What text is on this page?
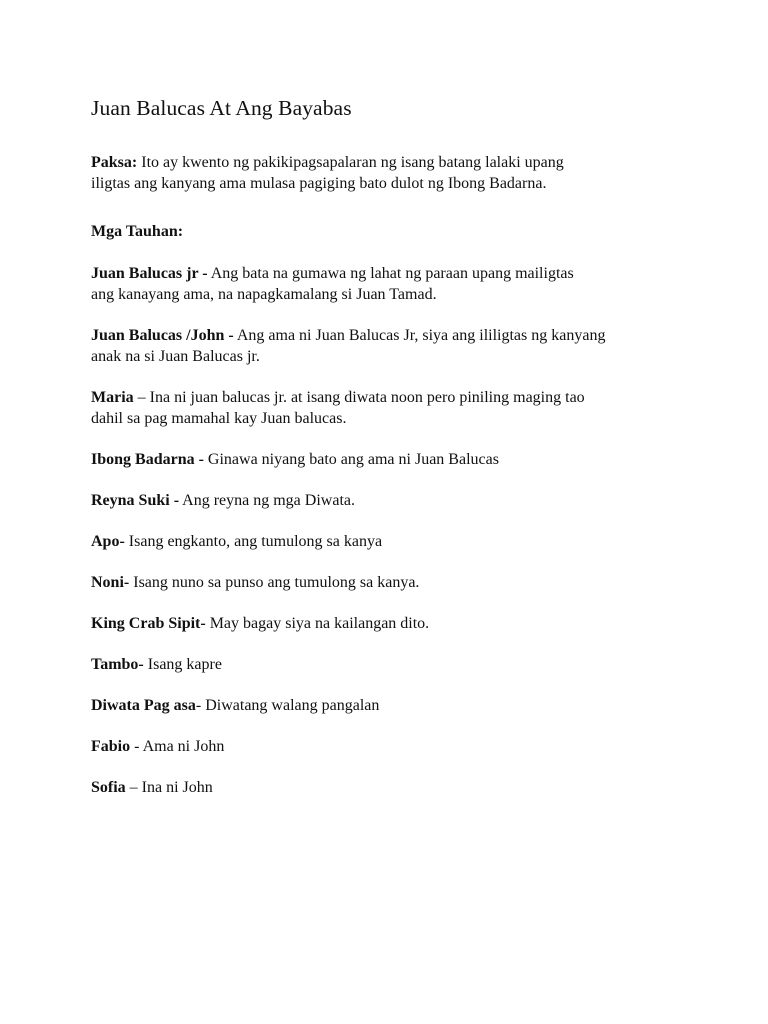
Juan Balucas At Ang Bayabas

Paksa: Ito ay kwento ng pakikipagsapalaran ng isang batang lalaki upang
iligtas ang kanyang ama mulasa pagiging bato dulot ng Ibong Badarna.

Mga Tauhan:

Juan Balucas jr - Ang bata na gumawa ng lahat ng paraan upang mailigtas
ang kanayang ama, na napagkamalang si Juan Tamad.

Juan Balucas /John - Ang ama ni Juan Balucas Jr, siya ang ililigtas ng kanyang
anak na si Juan Balucas jr.

Maria – Ina ni juan balucas jr. at isang diwata noon pero piniling maging tao
dahil sa pag mamahal kay Juan balucas.

Ibong Badarna - Ginawa niyang bato ang ama ni Juan Balucas

Reyna Suki - Ang reyna ng mga Diwata.

Apo- Isang engkanto, ang tumulong sa kanya

Noni- Isang nuno sa punso ang tumulong sa kanya.

King Crab Sipit- May bagay siya na kailangan dito.

Tambo- Isang kapre

Diwata Pag asa- Diwatang walang pangalan

Fabio - Ama ni John

Sofia – Ina ni John
